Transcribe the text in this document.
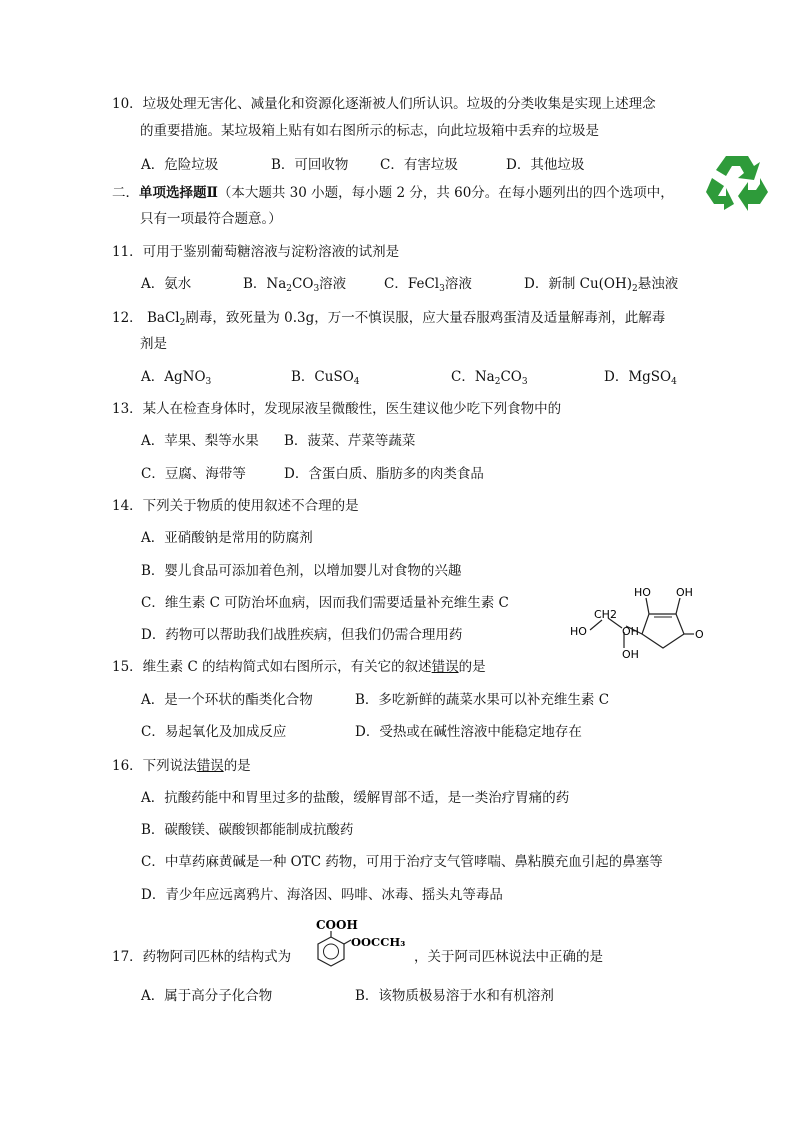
10．垃圾处理无害化、减量化和资源化逐渐被人们所认识。垃圾的分类收集是实现上述理念
的重要措施。某垃圾箱上贴有如右图所示的标志，向此垃圾箱中丢弃的垃圾是
A．危险垃圾	B．可回收物 C．有害垃圾	D．其他垃圾
二．单项选择题Ⅱ（本大题共 30 小题，每小题 2 分，共 60分。在每小题列出的四个选项中，
只有一项最符合题意。）
11．可用于鉴别葡萄糖溶液与淀粉溶液的试剂是
A．氨水	B．$Na_2CO_3$溶液	C．FeCl$_3$溶液	D．新制 $Cu(OH)_2$悬浊液
12． BaCl$_2$剧毒，致死量为 0.3g，万一不慎误服，应大量吞服鸡蛋清及适量解毒剂，此解毒
剂是
A．AgNO$_3$	B．CuSO$_4$	C．$Na_2CO_3$	D．MgSO$_4$
13．某人在检查身体时，发现尿液呈微酸性，医生建议他少吃下列食物中的
A．苹果、梨等水果 B．菠菜、芹菜等蔬菜
C．豆腐、海带等	D．含蛋白质、脂肪多的肉类食品
14．下列关于物质的使用叙述不合理的是
A．亚硝酸钠是常用的防腐剂
B．婴儿食品可添加着色剂，以增加婴儿对食物的兴趣
C．维生素 C 可防治坏血病，因而我们需要适量补充维生素 C
D．药物可以帮助我们战胜疾病，但我们仍需合理用药
HO OH
CH2
HO	OH
OH
O
15．维生素 C 的结构简式如右图所示，有关它的叙述错误的是
A．是一个环状的酯类化合物	B．多吃新鲜的蔬菜水果可以补充维生素 C
C．易起氧化及加成反应	D．受热或在碱性溶液中能稳定地存在
16．下列说法错误的是
A．抗酸药能中和胃里过多的盐酸，缓解胃部不适，是一类治疗胃痛的药
B．碳酸镁、碳酸钡都能制成抗酸药
C．中草药麻黄碱是一种 OTC 药物，可用于治疗支气管哮喘、鼻粘膜充血引起的鼻塞等
D．青少年应远离鸦片、海洛因、吗啡、冰毒、摇头丸等毒品
17．药物阿司匹林的结构式为
COOH
OOCCH₃
，关于阿司匹林说法中正确的是
A．属于高分子化合物	B．该物质极易溶于水和有机溶剂
